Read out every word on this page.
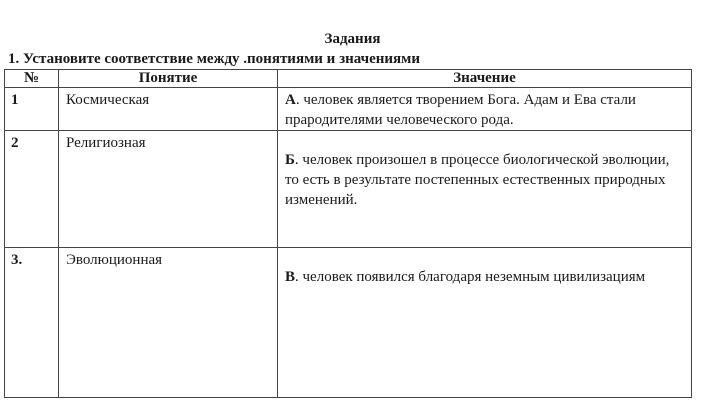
Задания
1. Установите соответствие между .понятиями и значениями
№	Понятие	Значение
1	Космическая	А. человек является творением Бога. Адам и Ева стали прародителями человеческого рода.
2	Религиозная	Б. человек произошел в процессе биологической эволюции, то есть в результате постепенных естественных природных изменений.
3.	Эволюционная	В. человек появился благодаря неземным цивилизациям
